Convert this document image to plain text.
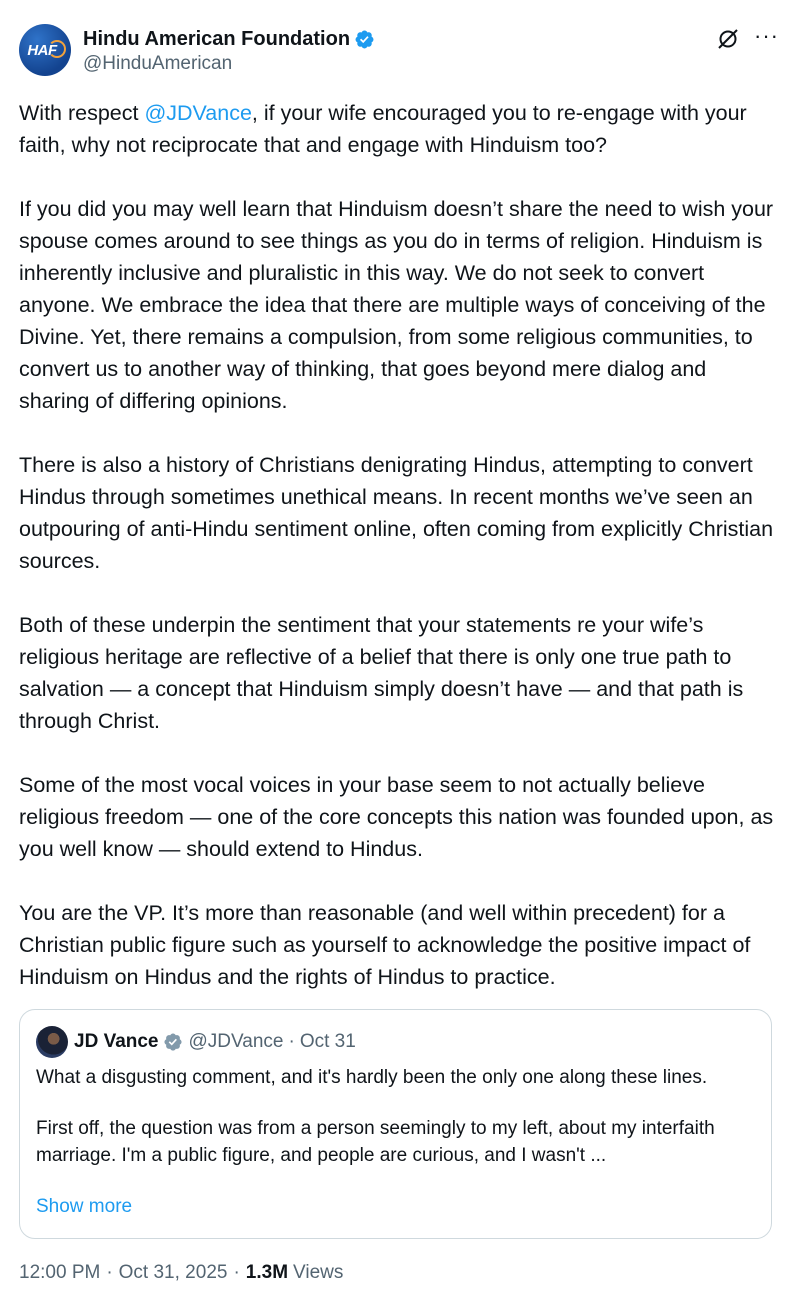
HAF
Hindu American Foundation
@HinduAmerican
···

With respect @JDVance, if your wife encouraged you to re-engage with your faith, why not reciprocate that and engage with Hinduism too?

If you did you may well learn that Hinduism doesn’t share the need to wish your spouse comes around to see things as you do in terms of religion. Hinduism is inherently inclusive and pluralistic in this way. We do not seek to convert anyone. We embrace the idea that there are multiple ways of conceiving of the Divine. Yet, there remains a compulsion, from some religious communities, to convert us to another way of thinking, that goes beyond mere dialog and sharing of differing opinions.

There is also a history of Christians denigrating Hindus, attempting to convert Hindus through sometimes unethical means. In recent months we’ve seen an outpouring of anti-Hindu sentiment online, often coming from explicitly Christian sources.

Both of these underpin the sentiment that your statements re your wife’s religious heritage are reflective of a belief that there is only one true path to salvation — a concept that Hinduism simply doesn’t have — and that path is through Christ.

Some of the most vocal voices in your base seem to not actually believe religious freedom — one of the core concepts this nation was founded upon, as you well know — should extend to Hindus.

You are the VP. It’s more than reasonable (and well within precedent) for a Christian public figure such as yourself to acknowledge the positive impact of Hinduism on Hindus and the rights of Hindus to practice.

JD Vance @JDVance · Oct 31

What a disgusting comment, and it's hardly been the only one along these lines.

First off, the question was from a person seemingly to my left, about my interfaith marriage. I'm a public figure, and people are curious, and I wasn't ...

Show more
12:00 PM · Oct 31, 2025 · 1.3M Views
